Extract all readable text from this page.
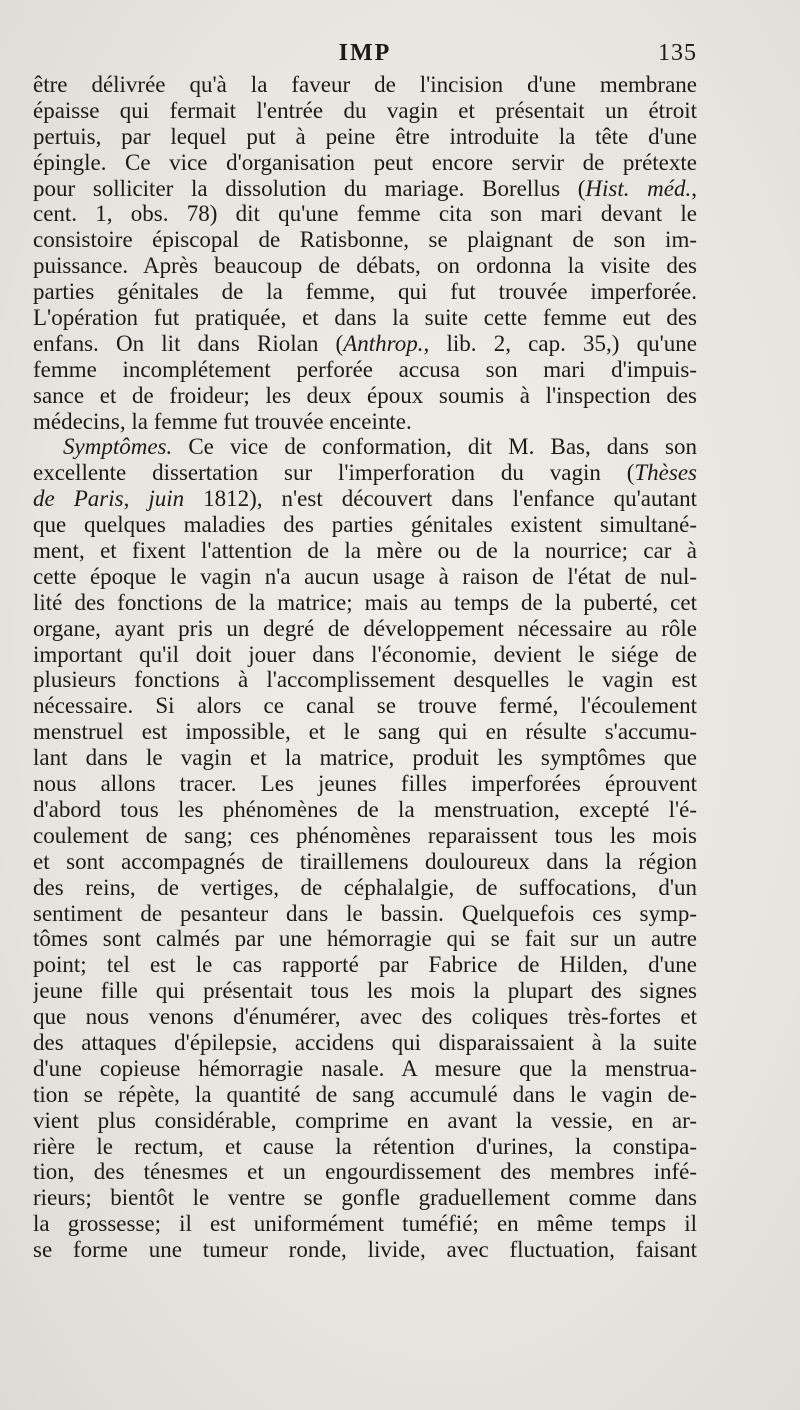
IMP	135
être délivrée qu'à la faveur de l'incision d'une membrane
épaisse qui fermait l'entrée du vagin et présentait un étroit
pertuis, par lequel put à peine être introduite la tête d'une
épingle. Ce vice d'organisation peut encore servir de prétexte
pour solliciter la dissolution du mariage. Borellus (Hist. méd.,
cent. 1, obs. 78) dit qu'une femme cita son mari devant le
consistoire épiscopal de Ratisbonne, se plaignant de son im-
puissance. Après beaucoup de débats, on ordonna la visite des
parties génitales de la femme, qui fut trouvée imperforée.
L'opération fut pratiquée, et dans la suite cette femme eut des
enfans. On lit dans Riolan (Anthrop., lib. 2, cap. 35,) qu'une
femme incomplétement perforée accusa son mari d'impuis-
sance et de froideur; les deux époux soumis à l'inspection des
médecins, la femme fut trouvée enceinte.
Symptômes. Ce vice de conformation, dit M. Bas, dans son
excellente dissertation sur l'imperforation du vagin (Thèses
de Paris, juin 1812), n'est découvert dans l'enfance qu'autant
que quelques maladies des parties génitales existent simultané-
ment, et fixent l'attention de la mère ou de la nourrice; car à
cette époque le vagin n'a aucun usage à raison de l'état de nul-
lité des fonctions de la matrice; mais au temps de la puberté, cet
organe, ayant pris un degré de développement nécessaire au rôle
important qu'il doit jouer dans l'économie, devient le siége de
plusieurs fonctions à l'accomplissement desquelles le vagin est
nécessaire. Si alors ce canal se trouve fermé, l'écoulement
menstruel est impossible, et le sang qui en résulte s'accumu-
lant dans le vagin et la matrice, produit les symptômes que
nous allons tracer. Les jeunes filles imperforées éprouvent
d'abord tous les phénomènes de la menstruation, excepté l'é-
coulement de sang; ces phénomènes reparaissent tous les mois
et sont accompagnés de tiraillemens douloureux dans la région
des reins, de vertiges, de céphalalgie, de suffocations, d'un
sentiment de pesanteur dans le bassin. Quelquefois ces symp-
tômes sont calmés par une hémorragie qui se fait sur un autre
point; tel est le cas rapporté par Fabrice de Hilden, d'une
jeune fille qui présentait tous les mois la plupart des signes
que nous venons d'énumérer, avec des coliques très-fortes et
des attaques d'épilepsie, accidens qui disparaissaient à la suite
d'une copieuse hémorragie nasale. A mesure que la menstrua-
tion se répète, la quantité de sang accumulé dans le vagin de-
vient plus considérable, comprime en avant la vessie, en ar-
rière le rectum, et cause la rétention d'urines, la constipa-
tion, des ténesmes et un engourdissement des membres infé-
rieurs; bientôt le ventre se gonfle graduellement comme dans
la grossesse; il est uniformément tuméfié; en même temps il
se forme une tumeur ronde, livide, avec fluctuation, faisant
